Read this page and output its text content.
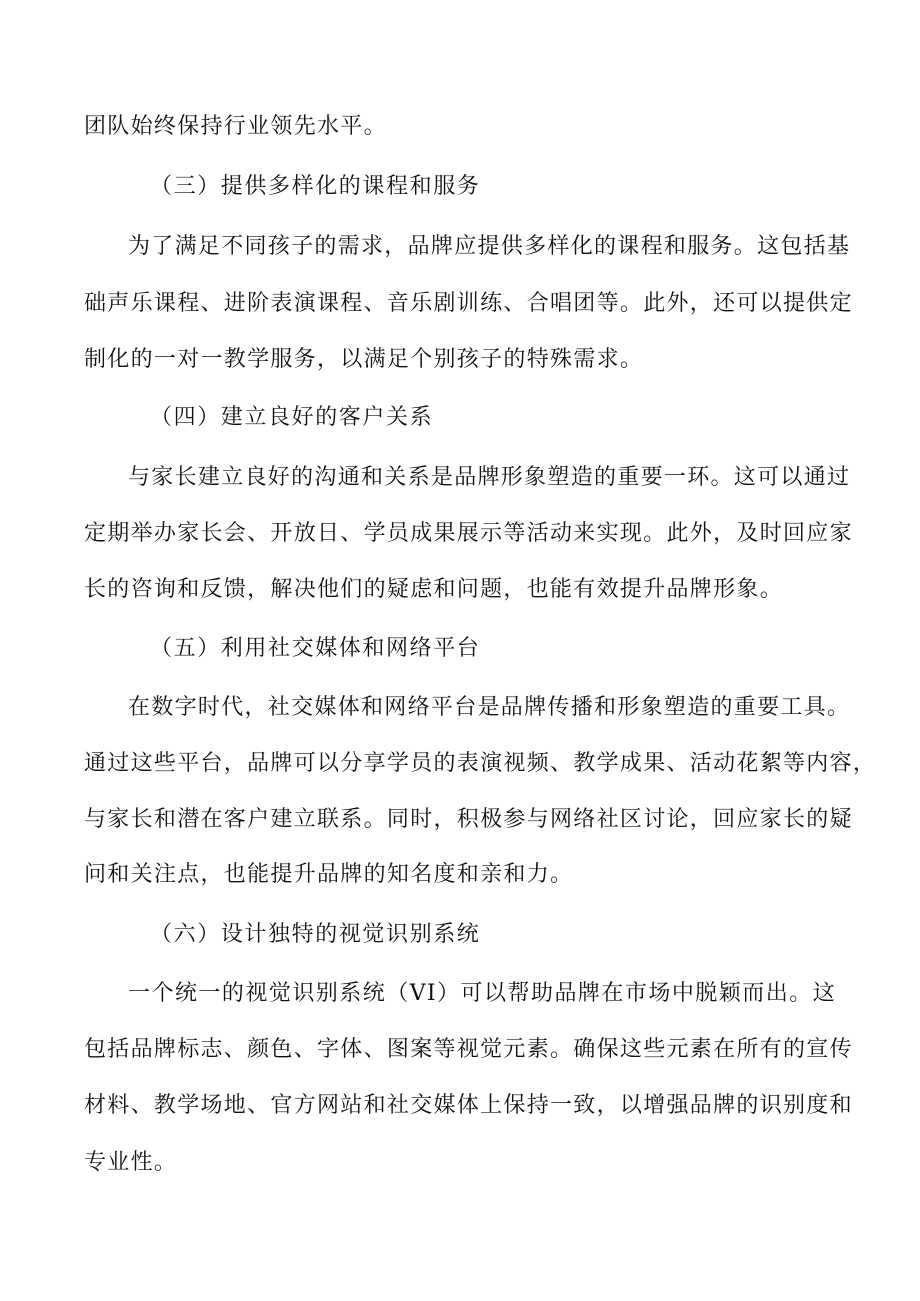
团队始终保持行业领先水平。
（三）提供多样化的课程和服务
为了满足不同孩子的需求，品牌应提供多样化的课程和服务。这包括基
础声乐课程、进阶表演课程、音乐剧训练、合唱团等。此外，还可以提供定
制化的一对一教学服务，以满足个别孩子的特殊需求。
（四）建立良好的客户关系
与家长建立良好的沟通和关系是品牌形象塑造的重要一环。这可以通过
定期举办家长会、开放日、学员成果展示等活动来实现。此外，及时回应家
长的咨询和反馈，解决他们的疑虑和问题，也能有效提升品牌形象。
（五）利用社交媒体和网络平台
在数字时代，社交媒体和网络平台是品牌传播和形象塑造的重要工具。
通过这些平台，品牌可以分享学员的表演视频、教学成果、活动花絮等内容，
与家长和潜在客户建立联系。同时，积极参与网络社区讨论，回应家长的疑
问和关注点，也能提升品牌的知名度和亲和力。
（六）设计独特的视觉识别系统
一个统一的视觉识别系统（VI）可以帮助品牌在市场中脱颖而出。这
包括品牌标志、颜色、字体、图案等视觉元素。确保这些元素在所有的宣传
材料、教学场地、官方网站和社交媒体上保持一致，以增强品牌的识别度和
专业性。
